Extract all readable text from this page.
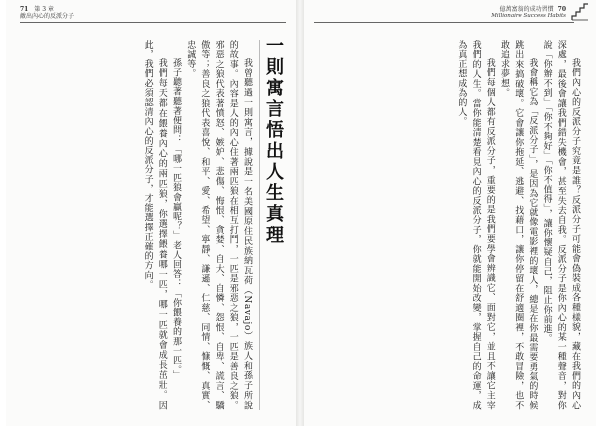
71 第 3 章
敵出內心的反派分子
一則寓言悟出人生真理

我曾聽過一則寓言，據說是一名美國原住民族納瓦荷（Navajo）族人和孫子所說的故事。內容是人的內心住著兩匹狼在相互打鬥，一匹是邪惡之狼，一匹是善良之狼。邪惡之狼代表著憤怒、嫉妒、悲傷、悔恨、貪婪、自大、自憐、怨恨、自卑、謊言、驕傲等；善良之狼代表喜悅、和平、愛、希望、寧靜、謙遜、仁慈、同情、慷慨、真實、忠誠等。

孫子聽著聽著便問：「哪一匹狼會贏呢？」老人回答：「你餵養的那一匹。」

我們每天都在餵養內心的兩匹狼，你選擇餵養哪一匹，哪一匹就會成長茁壯。因此，我們必須認清內心的反派分子，才能選擇正確的方向。

億萬富翁的成功習慣 70
Millionaire Success Habits

我們內心的反派分子究竟是誰？反派分子可能會偽裝成各種樣貌，藏在我們的內心深處，最後會讓我們錯失機會，甚至失去自我。反派分子是你內心的某一種聲音，對你說「你辦不到」「你不夠好」「你不值得」，讓你懷疑自己，阻止你前進。

我會稱它為「反派分子」，是因為它就像電影裡的壞人，總是在你最需要勇氣的時候跳出來搞破壞。它會讓你拖延、逃避、找藉口，讓你停留在舒適圈裡，不敢冒險，也不敢追求夢想。

我們每個人都有反派分子，重要的是我們要學會辨識它、面對它，並且不讓它主宰我們的人生。當你能清楚看見內心的反派分子，你就能開始改變，掌握自己的命運，成為真正想成為的人。
